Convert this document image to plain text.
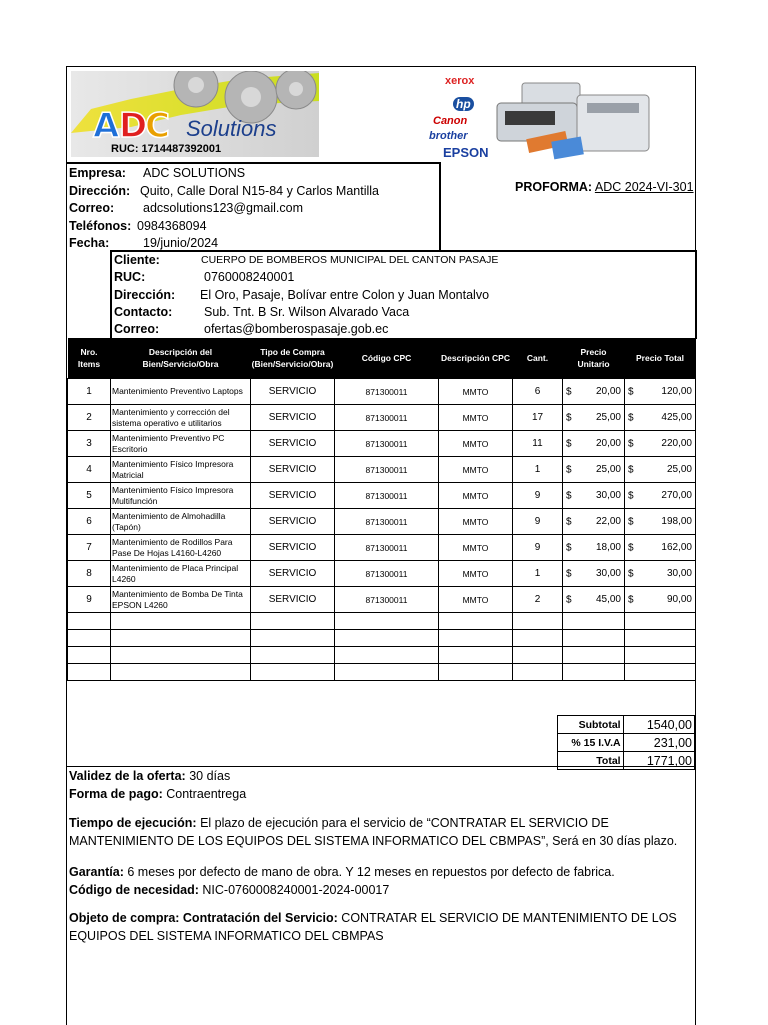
A D
C Solutions
RUC: 1714487392001
xerox
hp
Canon
brother
EPSON
Empresa: ADC SOLUTIONS
Dirección: Quito, Calle Doral N15-84 y Carlos Mantilla
Correo: adcsolutions123@gmail.com
Teléfonos: 0984368094
Fecha:	19/junio/2024
PROFORMA: ADC 2024-VI-301
Cliente:	CUERPO DE BOMBEROS MUNICIPAL DEL CANTON PASAJE
RUC:	0760008240001
Dirección: El Oro, Pasaje, Bolívar entre Colon y Juan Montalvo
Contacto:	Sub. Tnt. B Sr. Wilson Alvarado Vaca
Correo:	ofertas@bomberospasaje.gob.ec
Nro. Items	Descripción del Bien/Servicio/Obra	Tipo de Compra (Bien/Servicio/Obra)	Código CPC	Descripción CPC	Cant.	Precio Unitario	Precio Total
1	Mantenimiento Preventivo Laptops	SERVICIO	871300011	MMTO	6	$ 20,00	$ 120,00
2	Mantenimiento y corrección del sistema operativo e utilitarios	SERVICIO	871300011	MMTO	17	$ 25,00	$ 425,00
3	Mantenimiento Preventivo PC Escritorio	SERVICIO	871300011	MMTO	11	$ 20,00	$ 220,00
4	Mantenimiento Físico Impresora Matricial	SERVICIO	871300011	MMTO	1	$ 25,00	$ 25,00
5	Mantenimiento Físico Impresora Multifunción	SERVICIO	871300011	MMTO	9	$ 30,00	$ 270,00
6	Mantenimiento de Almohadilla (Tapón)	SERVICIO	871300011	MMTO	9	$ 22,00	$ 198,00
7	Mantenimiento de Rodillos Para Pase De Hojas L4160-L4260	SERVICIO	871300011	MMTO	9	$ 18,00	$ 162,00
8	Mantenimiento de Placa Principal L4260	SERVICIO	871300011	MMTO	1	$ 30,00	$ 30,00
9	Mantenimiento de Bomba De Tinta EPSON L4260	SERVICIO	871300011	MMTO	2	$ 45,00	$ 90,00

Subtotal	1540,00
% 15 I.V.A	231,00
Total	1771,00
Validez de la oferta: 30 días
Forma de pago: Contraentrega
Tiempo de ejecución: El plazo de ejecución para el servicio de “CONTRATAR EL SERVICIO DE MANTENIMIENTO DE LOS EQUIPOS DEL SISTEMA INFORMATICO DEL CBMPAS”, Será en 30 días plazo.
Garantía: 6 meses por defecto de mano de obra. Y 12 meses en repuestos por defecto de fabrica.
Código de necesidad: NIC-0760008240001-2024-00017
Objeto de compra: Contratación del Servicio: CONTRATAR EL SERVICIO DE MANTENIMIENTO DE LOS EQUIPOS DEL SISTEMA INFORMATICO DEL CBMPAS
